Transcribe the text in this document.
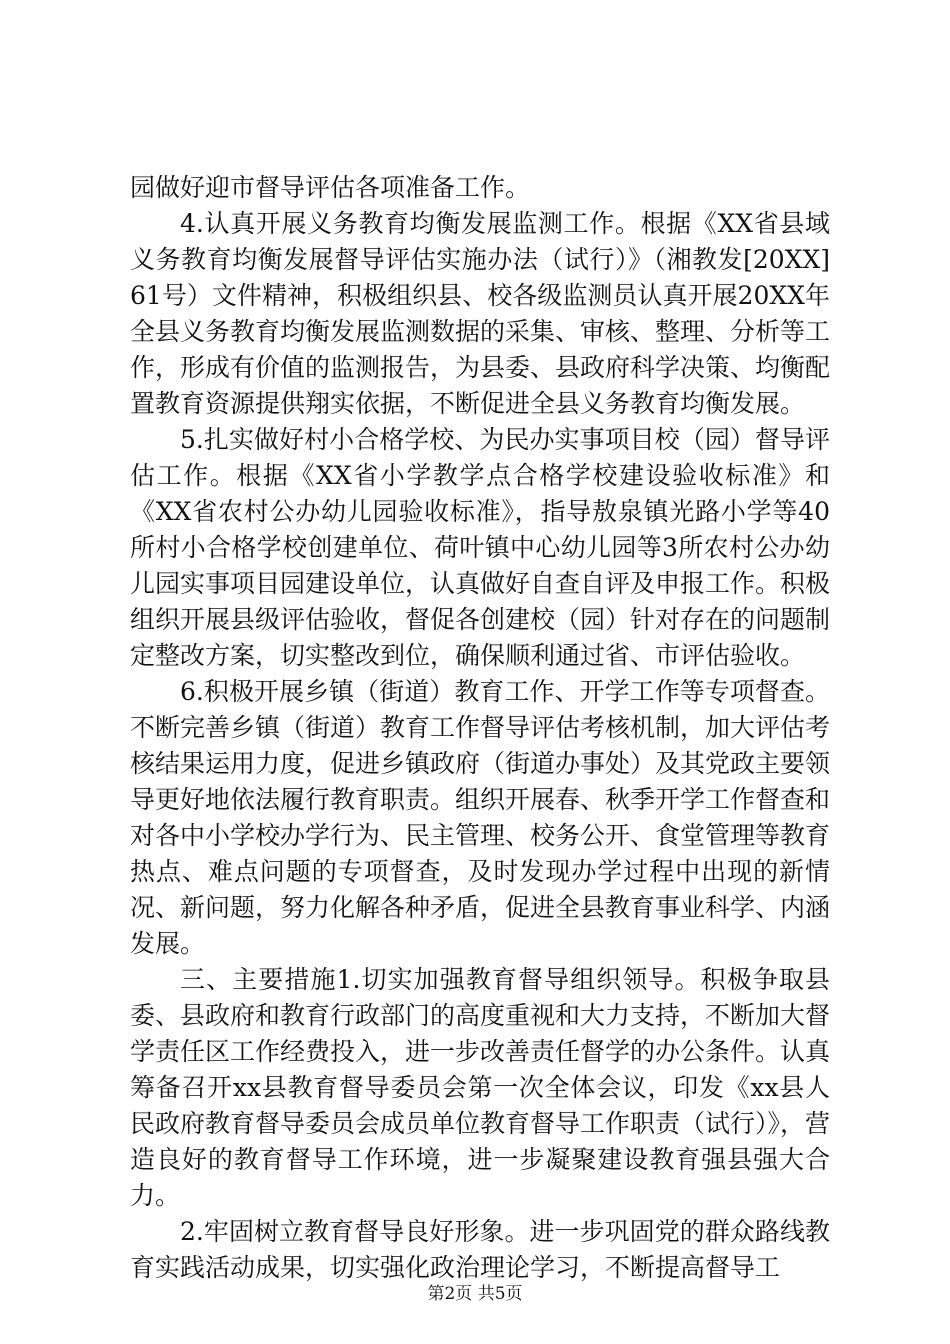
园做好迎市督导评估各项准备工作。

4.认真开展义务教育均衡发展监测工作。根据《XX省县域义务教育均衡发展督导评估实施办法（试行）》（湘教发[20XX]61号）文件精神，积极组织县、校各级监测员认真开展20XX年全县义务教育均衡发展监测数据的采集、审核、整理、分析等工作，形成有价值的监测报告，为县委、县政府科学决策、均衡配置教育资源提供翔实依据，不断促进全县义务教育均衡发展。

5.扎实做好村小合格学校、为民办实事项目校（园）督导评估工作。根据《XX省小学教学点合格学校建设验收标准》和《XX省农村公办幼儿园验收标准》，指导敖泉镇光路小学等40所村小合格学校创建单位、荷叶镇中心幼儿园等3所农村公办幼儿园实事项目园建设单位，认真做好自查自评及申报工作。积极组织开展县级评估验收，督促各创建校（园）针对存在的问题制定整改方案，切实整改到位，确保顺利通过省、市评估验收。

6.积极开展乡镇（街道）教育工作、开学工作等专项督查。不断完善乡镇（街道）教育工作督导评估考核机制，加大评估考核结果运用力度，促进乡镇政府（街道办事处）及其党政主要领导更好地依法履行教育职责。组织开展春、秋季开学工作督查和对各中小学校办学行为、民主管理、校务公开、食堂管理等教育热点、难点问题的专项督查，及时发现办学过程中出现的新情况、新问题，努力化解各种矛盾，促进全县教育事业科学、内涵发展。

三、主要措施1.切实加强教育督导组织领导。积极争取县委、县政府和教育行政部门的高度重视和大力支持，不断加大督学责任区工作经费投入，进一步改善责任督学的办公条件。认真筹备召开xx县教育督导委员会第一次全体会议，印发《xx县人民政府教育督导委员会成员单位教育督导工作职责（试行）》，营造良好的教育督导工作环境，进一步凝聚建设教育强县强大合力。

2.牢固树立教育督导良好形象。进一步巩固党的群众路线教育实践活动成果，切实强化政治理论学习，不断提高督导工

第2页 共5页
